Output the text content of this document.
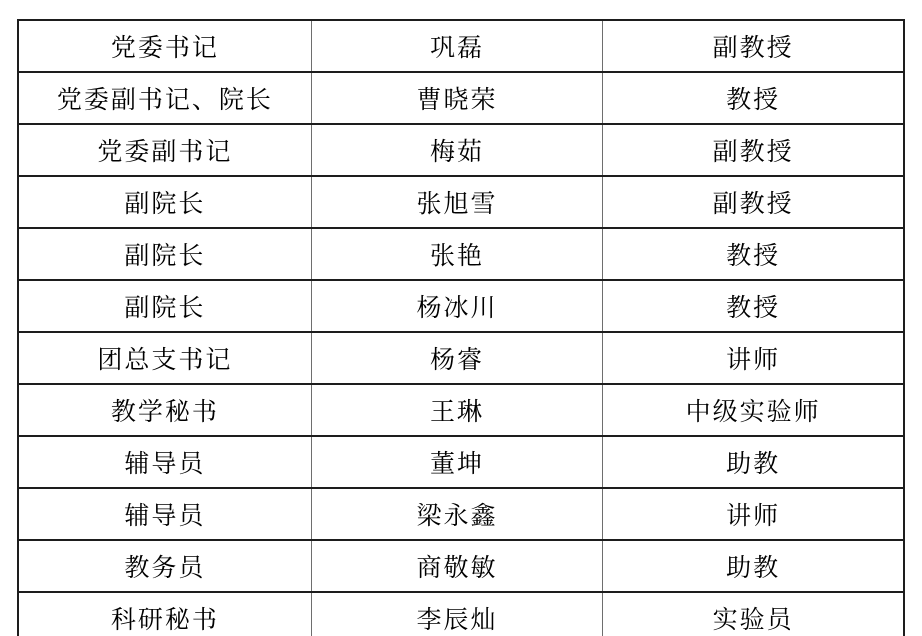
党委书记	巩磊	副教授
党委副书记、院长	曹晓荣	教授
党委副书记	梅茹	副教授
副院长	张旭雪	副教授
副院长	张艳	教授
副院长	杨冰川	教授
团总支书记	杨睿	讲师
教学秘书	王琳	中级实验师
辅导员	董坤	助教
辅导员	梁永鑫	讲师
教务员	商敬敏	助教
科研秘书	李辰灿	实验员
